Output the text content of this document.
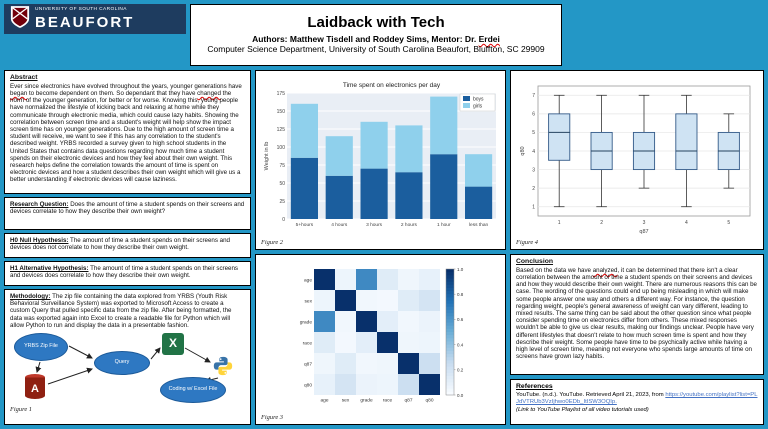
UNIVERSITY OF SOUTH CAROLINA
BEAUFORT	Laidback with Tech
Authors: Matthew Tisdell and Roddey Sims, Mentor: Dr. Erdei
Computer Science Department, University of South Carolina Beaufort, Bluffton, SC 29909
Abstract
Ever since electronics have evolved throughout the years, younger generations have began to become dependent on them. So dependant that they have changed the norm of the younger generation, for better or for worse. Knowing this, young people have normalized the lifestyle of kicking back and relaxing at home while they communicate through electronic media, which could cause lazy habits. Showing the correlation between screen time and a student's weight will help show the impact screen time has on younger generations. Due to the high amount of screen time a student will receive, we want to see if this has any correlation to the student's described weight. YRBS recorded a survey given to high school students in the United States that contains data questions regarding how much time a student spends on their electronic devices and how they feel about their own weight. This research helps define the correlation towards the amount of time is spent on electronic devices and how a student describes their own weight which will give us a better understanding if electronic devices will cause laziness.
Research Question: Does the amount of time a student spends on their screens and devices correlate to how they describe their own weight?
H0 Null Hypothesis: The amount of time a student spends on their screens and devices does not correlate to how they describe their own weight.
H1 Alternative Hypothesis: The amount of time a student spends on their screens and devices does correlate to how they describe their own weight.
Methodology: The zip file containing the data explored from YRBS (Youth Risk Behavioral Surveillance System) was exported to Microsoft Access to create a custom Query that pulled specific data from the zip file. After being formatted, the data was exported again into Excel to create a readable file for Python which will allow Python to run and display the data in a presentable fashion.
YRBS Zip File
Query
A
X
Coding w/ Excel File
Figure 1
0
25
50
75
100
125
150
175
Time spent on electronics per day
Weight in lb
5+hours	4 hours	3 hours	2 hours	1 hour	less than
boys
girls
Figure 2
age
age
sex
sex
grade
grade
race
race
q87
q87
q80
q80
0.0
0.2
0.4
0.6
0.8
1.0
Figure 3
1
2
3
4
5
6
7
1	2	3	4	5
q87
q80
Figure 4
Conclusion
Based on the data we have analyzed, it can be determined that there isn't a clear correlation between the amount of time a student spends on their screens and devices and how they would describe their own weight. There are numerous reasons this can be case. The wording of the questions could end up being misleading in which will make some people answer one way and others a different way. For instance, the question regarding weight, people's general awareness of weight can vary different, leading to mixed results. The same thing can be said about the other question since what people consider spending time on electronics differ from others. These mixed responses wouldn't be able to give us clear results, making our findings unclear. People have very different lifestyles that doesn't relate to how much screen time is spent and how they describe their weight. Some people have time to be psychically active while having a high level of screen time, meaning not everyone who spends large amounts of time on screens have grown lazy habits.
References
YouTube. (n.d.). YouTube. Retrieved April 21, 2023, from https://youtube.com/playlist?list=PLJdVTRUb3VzIjhwo0EDb_ItISW3OQIp.
(Link to YouTube Playlist of all video tutorials used)
